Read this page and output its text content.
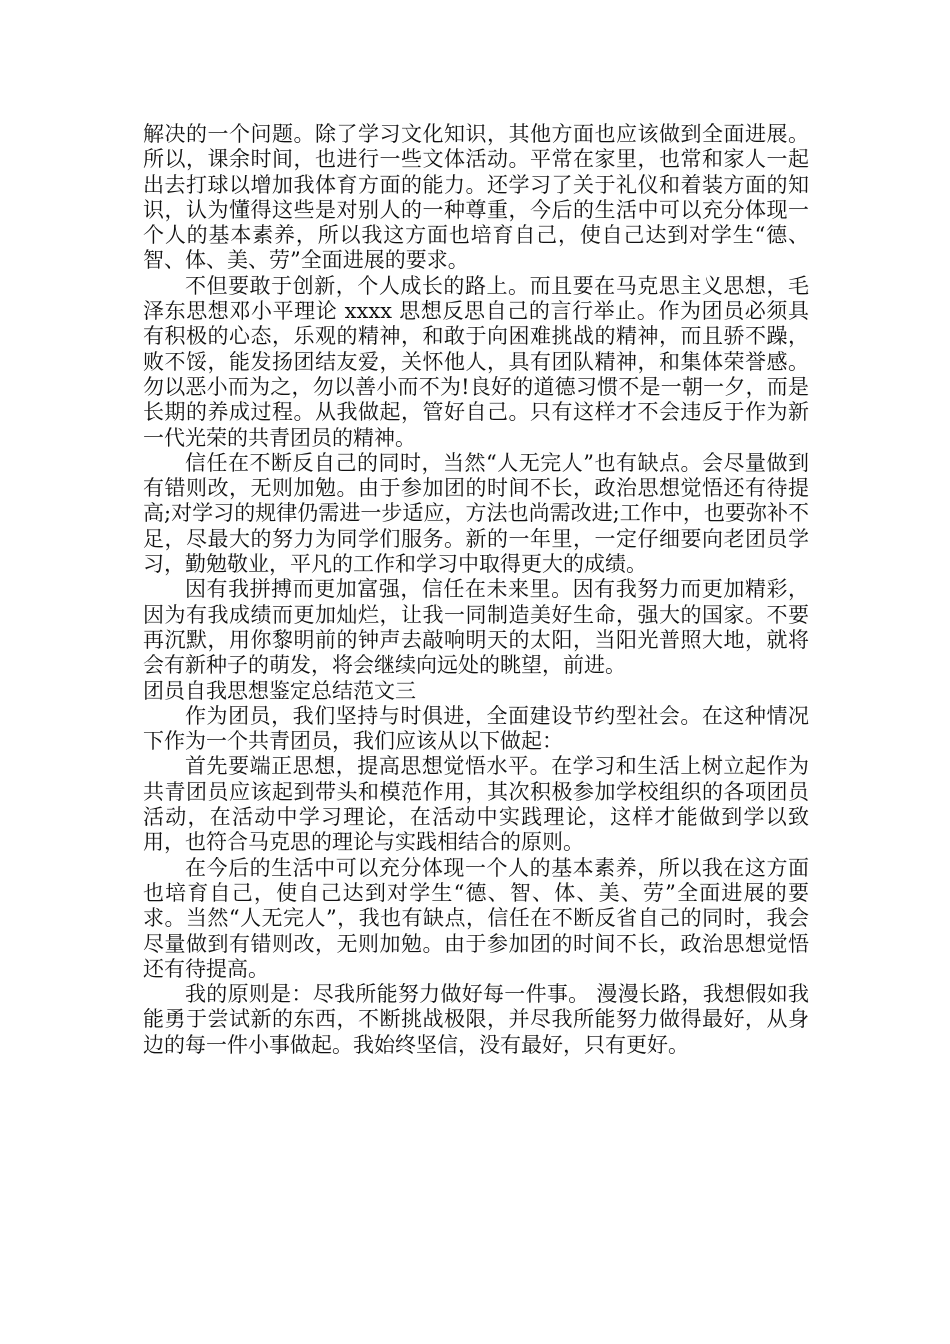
解决的一个问题。除了学习文化知识，其他方面也应该做到全面进展。所以，课余时间，也进行一些文体活动。平常在家里，也常和家人一起出去打球以增加我体育方面的能力。还学习了关于礼仪和着装方面的知识，认为懂得这些是对别人的一种尊重，今后的生活中可以充分体现一个人的基本素养，所以我这方面也培育自己，使自己达到对学生“德、智、体、美、劳”全面进展的要求。

不但要敢于创新，个人成长的路上。而且要在马克思主义思想，毛泽东思想邓小平理论 xxxx 思想反思自己的言行举止。作为团员必须具有积极的心态，乐观的精神，和敢于向困难挑战的精神，而且骄不躁，败不馁，能发扬团结友爱，关怀他人，具有团队精神，和集体荣誉感。勿以恶小而为之，勿以善小而不为!良好的道德习惯不是一朝一夕，而是长期的养成过程。从我做起，管好自己。只有这样才不会违反于作为新一代光荣的共青团员的精神。

信任在不断反自己的同时，当然“人无完人”也有缺点。会尽量做到有错则改，无则加勉。由于参加团的时间不长，政治思想觉悟还有待提高;对学习的规律仍需进一步适应，方法也尚需改进;工作中，也要弥补不足，尽最大的努力为同学们服务。新的一年里，一定仔细要向老团员学习，勤勉敬业，平凡的工作和学习中取得更大的成绩。

因有我拼搏而更加富强，信任在未来里。因有我努力而更加精彩，因为有我成绩而更加灿烂，让我一同制造美好生命，强大的国家。不要再沉默，用你黎明前的钟声去敲响明天的太阳，当阳光普照大地，就将会有新种子的萌发，将会继续向远处的眺望，前进。

团员自我思想鉴定总结范文三

作为团员，我们坚持与时俱进，全面建设节约型社会。在这种情况下作为一个共青团员，我们应该从以下做起：

首先要端正思想，提高思想觉悟水平。在学习和生活上树立起作为共青团员应该起到带头和模范作用，其次积极参加学校组织的各项团员活动，在活动中学习理论，在活动中实践理论，这样才能做到学以致用，也符合马克思的理论与实践相结合的原则。

在今后的生活中可以充分体现一个人的基本素养，所以我在这方面也培育自己，使自己达到对学生“德、智、体、美、劳”全面进展的要求。当然“人无完人”，我也有缺点，信任在不断反省自己的同时，我会尽量做到有错则改，无则加勉。由于参加团的时间不长，政治思想觉悟还有待提高。

我的原则是：尽我所能努力做好每一件事。 漫漫长路，我想假如我能勇于尝试新的东西，不断挑战极限，并尽我所能努力做得最好，从身边的每一件小事做起。我始终坚信，没有最好，只有更好。
